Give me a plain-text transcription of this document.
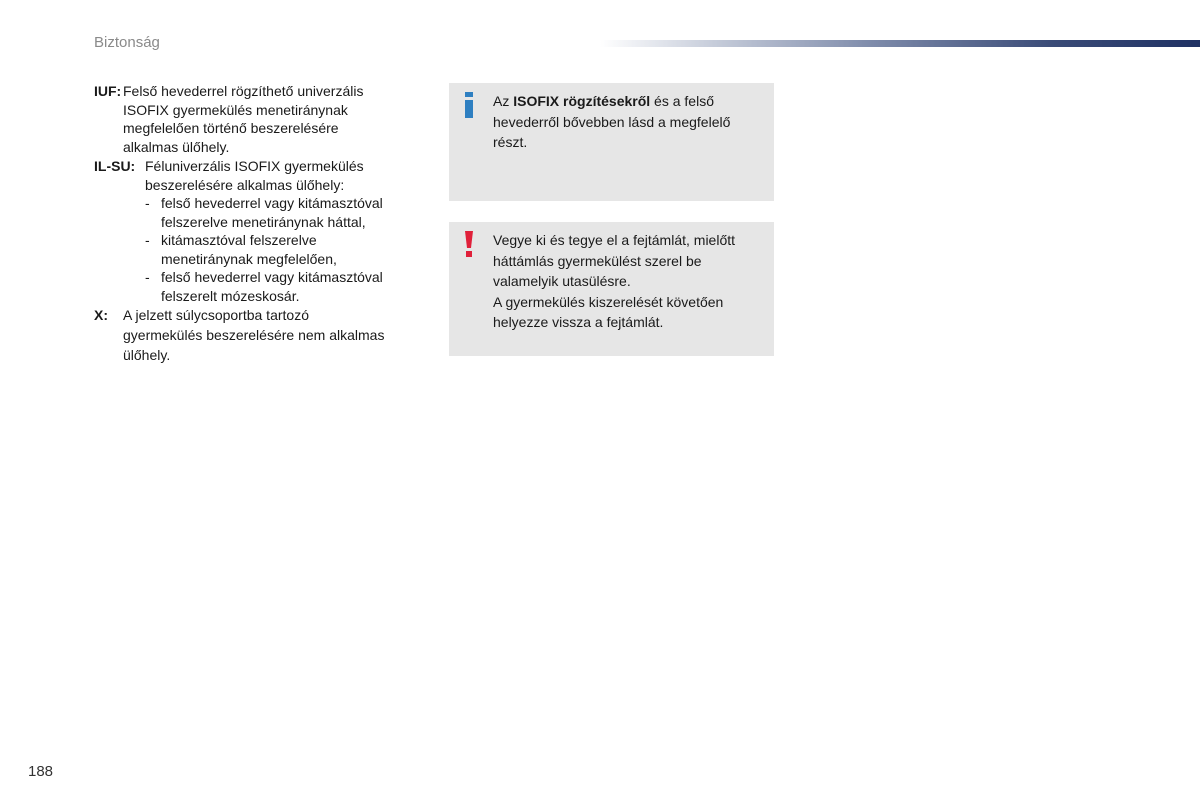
Biztonság
IUF: Felső hevederrel rögzíthető univerzális
ISOFIX gyermekülés menetiránynak
megfelelően történő beszerelésére
alkalmas ülőhely.
IL-SU: Féluniverzális ISOFIX gyermekülés
beszerelésére alkalmas ülőhely:
- felső hevederrel vagy kitámasztóval
felszerelve menetiránynak háttal,
- kitámasztóval felszerelve
menetiránynak megfelelően,
- felső hevederrel vagy kitámasztóval
felszerelt mózeskosár.
X: A jelzett súlycsoportba tartozó
gyermekülés beszerelésére nem alkalmas
ülőhely.

Az ISOFIX rögzítésekről és a felső

hevederről bővebben lásd a megfelelő

részt.

Vegye ki és tegye el a fejtámlát, mielőtt

háttámlás gyermekülést szerel be

valamelyik utasülésre.

A gyermekülés kiszerelését követően

helyezze vissza a fejtámlát.

188
